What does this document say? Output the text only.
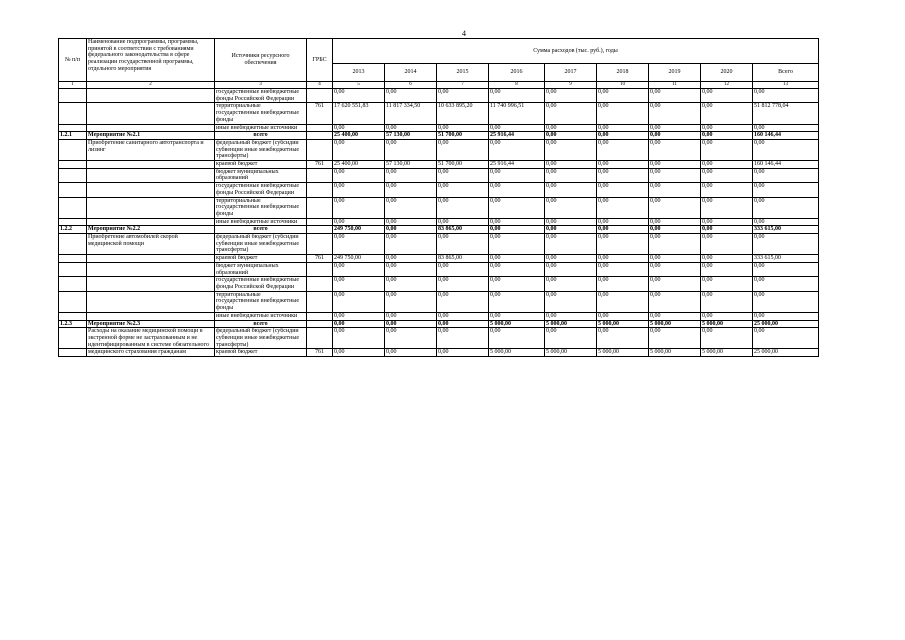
4
№ п/п	Наименование подпрограммы, программы, принятой в соответствии с требованиями федерального законодательства в сфере реализации государственной программы, отдельного мероприятия	Источники ресурсного обеспечения	ГРБС	Сумма расходов (тыс. руб.), годы									
				2013	2014	2015	2016	2017	2018	2019	2020	Всего	
1	2	3	4	5	6	7	8	9	10	11	12	13	
		государственные внебюджетные фонды Российской Федерации		0,00	0,00	0,00	0,00	0,00	0,00	0,00	0,00	0,00	
		территориальные государственные внебюджетные фонды	761	17 620 551,83	11 817 334,50	10 633 895,20	11 740 996,51	0,00	0,00	0,00	0,00	51 812 778,04	
		иные внебюджетные источники		0,00	0,00	0,00	0,00	0,00	0,00	0,00	0,00	0,00	
1.2.1	Мероприятие №2.1	всего		25 400,00	57 130,00	51 700,00	25 916,44	0,00	0,00	0,00	0,00	160 146,44	
	Приобретение санитарного автотранспорта и лизинг	федеральный бюджет (субсидии субвенции иные межбюджетные трансферты)		0,00	0,00	0,00	0,00	0,00	0,00	0,00	0,00	0,00	
		краевой бюджет	761	25 400,00	57 130,00	51 700,00	25 916,44	0,00	0,00	0,00	0,00	160 146,44	
		бюджет муниципальных образований		0,00	0,00	0,00	0,00	0,00	0,00	0,00	0,00	0,00	
		государственные внебюджетные фонды Российской Федерации		0,00	0,00	0,00	0,00	0,00	0,00	0,00	0,00	0,00	
		территориальные государственные внебюджетные фонды		0,00	0,00	0,00	0,00	0,00	0,00	0,00	0,00	0,00	
		иные внебюджетные источники		0,00	0,00	0,00	0,00	0,00	0,00	0,00	0,00	0,00	
1.2.2	Мероприятие №2.2	всего		249 750,00	0,00	83 865,00	0,00	0,00	0,00	0,00	0,00	333 615,00	
	Приобретение автомобилей скорой медицинской помощи	федеральный бюджет (субсидии субвенции иные межбюджетные трансферты)		0,00	0,00	0,00	0,00	0,00	0,00	0,00	0,00	0,00	
		краевой бюджет	761	249 750,00	0,00	83 865,00	0,00	0,00	0,00	0,00	0,00	333 615,00	
		бюджет муниципальных образований		0,00	0,00	0,00	0,00	0,00	0,00	0,00	0,00	0,00	
		государственные внебюджетные фонды Российской Федерации		0,00	0,00	0,00	0,00	0,00	0,00	0,00	0,00	0,00	
		территориальные государственные внебюджетные фонды		0,00	0,00	0,00	0,00	0,00	0,00	0,00	0,00	0,00	
		иные внебюджетные источники		0,00	0,00	0,00	0,00	0,00	0,00	0,00	0,00	0,00	
1.2.3	Мероприятие №2.3	всего		0,00	0,00	0,00	5 000,00	5 000,00	5 000,00	5 000,00	5 000,00	25 000,00	
	Расходы на оказание медицинской помощи в экстренной форме не застрахованным и не идентифицированным в системе обязательного	федеральный бюджет (субсидии субвенции иные межбюджетные трансферты)		0,00	0,00	0,00	0,00	0,00	0,00	0,00	0,00	0,00	
	медицинского страхования гражданам	краевой бюджет	761	0,00	0,00	0,00	5 000,00	5 000,00	5 000,00	5 000,00	5 000,00	25 000,00	
